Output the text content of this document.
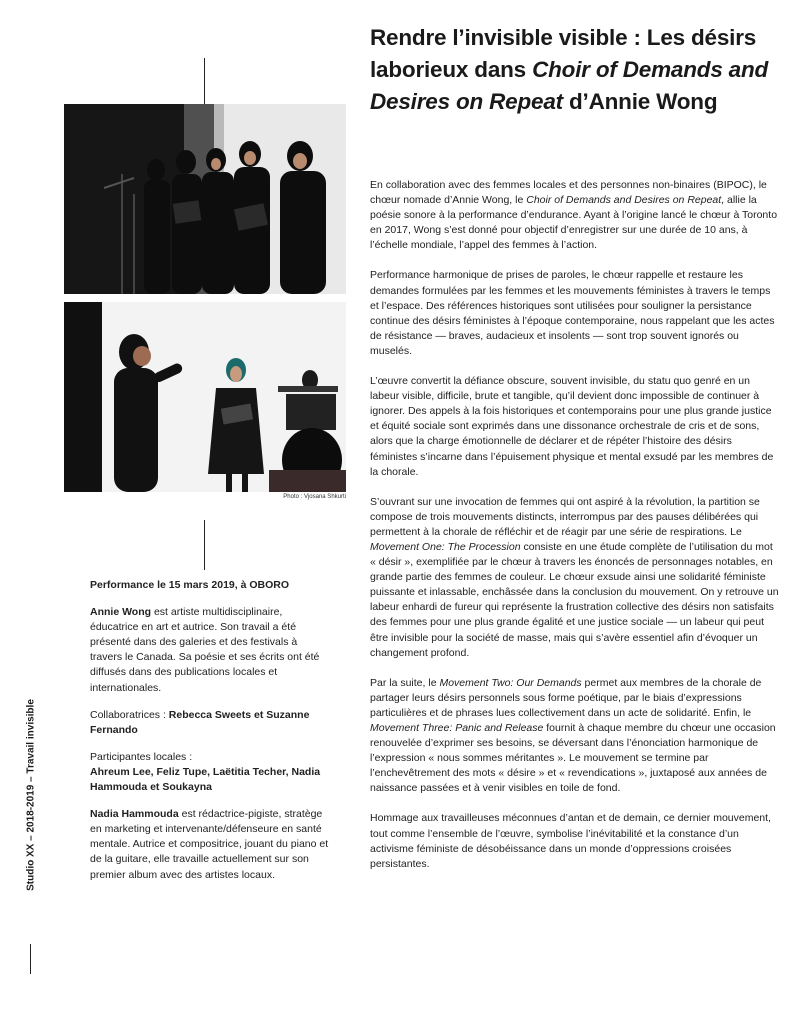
Photo : Vjosana Shkurti
Studio XX – 2018-2019 – Travail invisible
Rendre l’invisible visible : Les désirs laborieux dans Choir of Demands and Desires on Repeat d’Annie Wong

En collaboration avec des femmes locales et des personnes non-binaires (BIPOC), le chœur nomade d’Annie Wong, le Choir of Demands and Desires on Repeat, allie la poésie sonore à la performance d’endurance. Ayant à l’origine lancé le chœur à Toronto en 2017, Wong s’est donné pour objectif d’enregistrer sur une durée de 10 ans, à l’échelle mondiale, l’appel des femmes à l’action.

Performance harmonique de prises de paroles, le chœur rappelle et restaure les demandes formulées par les femmes et les mouvements féministes à travers le temps et l’espace. Des références historiques sont utilisées pour souligner la persistance continue des désirs féministes à l’époque contemporaine, nous rappelant que les actes de résistance — braves, audacieux et insolents — sont trop souvent ignorés ou muselés.

L’œuvre convertit la défiance obscure, souvent invisible, du statu quo genré en un labeur visible, difficile, brute et tangible, qu’il devient donc impossible de continuer à ignorer. Des appels à la fois historiques et contemporains pour une plus grande justice et équité sociale sont exprimés dans une dissonance orchestrale de cris et de sons, alors que la charge émotionnelle de déclarer et de répéter l’histoire des désirs féministes s’incarne dans l’épuisement physique et mental exsudé par les membres de la chorale.

S’ouvrant sur une invocation de femmes qui ont aspiré à la révolution, la partition se compose de trois mouvements distincts, interrompus par des pauses délibérées qui permettent à la chorale de réfléchir et de réagir par une série de respirations. Le Movement One: The Procession consiste en une étude complète de l’utilisation du mot « désir », exemplifiée par le chœur à travers les énoncés de personnages notables, en grande partie des femmes de couleur. Le chœur exsude ainsi une solidarité féministe puissante et inlassable, enchâssée dans la conclusion du mouvement. On y retrouve un labeur enhardi de fureur qui représente la frustration collective des désirs non satisfaits des femmes pour une plus grande égalité et une justice sociale — un labeur qui peut être invisible pour la société de masse, mais qui s’avère essentiel afin d’évoquer un changement profond.

Par la suite, le Movement Two: Our Demands permet aux membres de la chorale de partager leurs désirs personnels sous forme poétique, par le biais d’expressions particulières et de phrases lues collectivement dans un acte de solidarité. Enfin, le Movement Three: Panic and Release fournit à chaque membre du chœur une occasion renouvelée d’exprimer ses besoins, se déversant dans l’énonciation harmonique de l’expression « nous sommes méritantes ». Le mouvement se termine par l’enchevêtrement des mots « désire » et « revendications », juxtaposé aux années de naissance passées et à venir visibles en toile de fond.

Hommage aux travailleuses méconnues d’antan et de demain, ce dernier mouvement, tout comme l’ensemble de l’œuvre, symbolise l’inévitabilité et la constance d’un activisme féministe de désobéissance dans un monde d’oppressions croisées persistantes.

Performance le 15 mars 2019, à OBORO

Annie Wong est artiste multidisciplinaire, éducatrice en art et autrice. Son travail a été présenté dans des galeries et des festivals à travers le Canada. Sa poésie et ses écrits ont été diffusés dans des publications locales et internationales.

Collaboratrices : Rebecca Sweets et Suzanne Fernando

Participantes locales :
Ahreum Lee, Feliz Tupe, Laëtitia Techer, Nadia Hammouda et Soukayna

Nadia Hammouda est rédactrice-pigiste, stratège en marketing et intervenante/défenseure en santé mentale. Autrice et compositrice, jouant du piano et de la guitare, elle travaille actuellement sur son premier album avec des artistes locaux.
